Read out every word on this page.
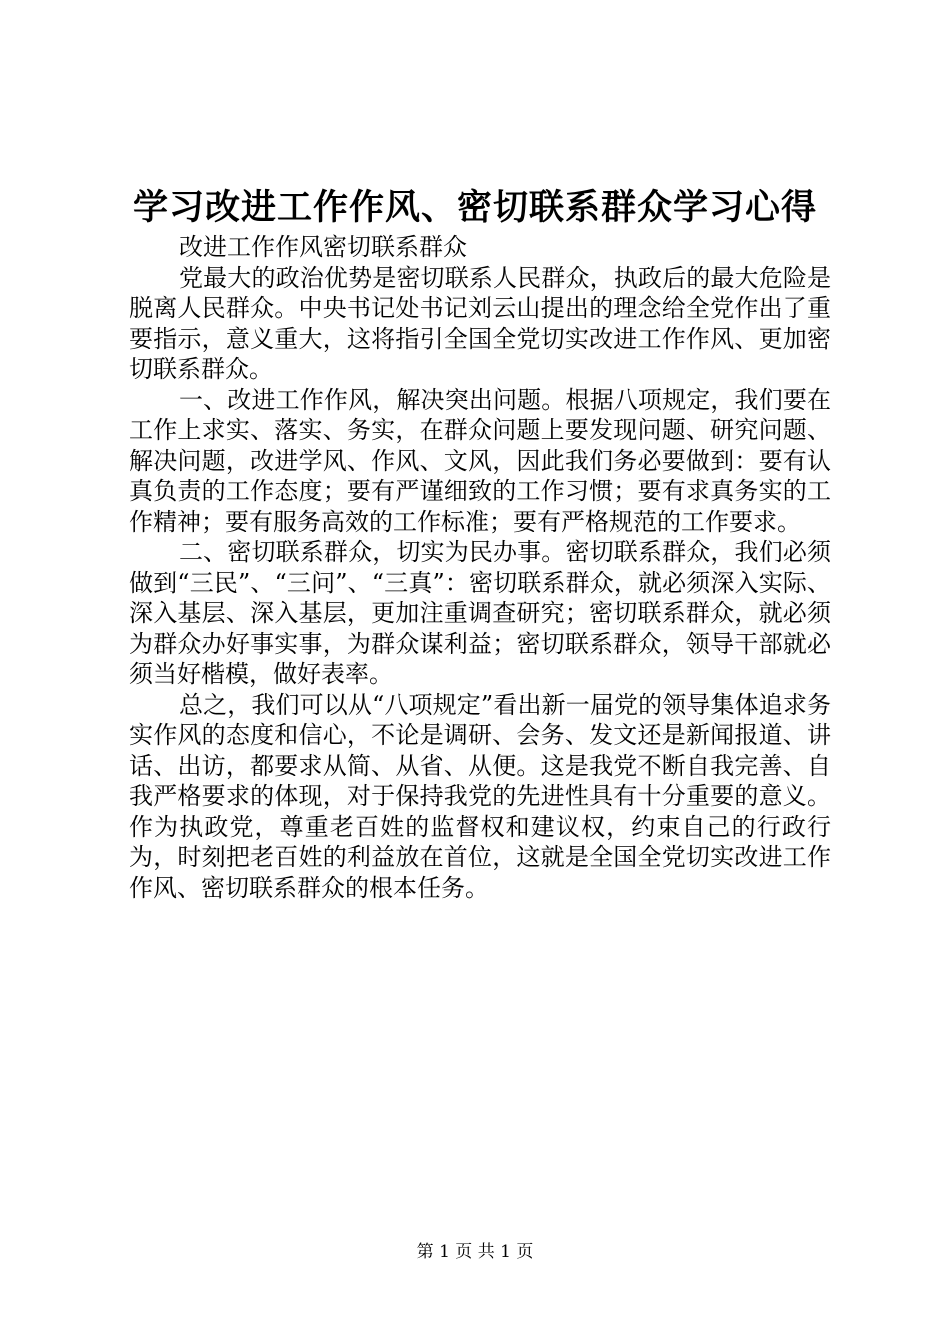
学习改进工作作风、密切联系群众学习心得

改进工作作风密切联系群众

党最大的政治优势是密切联系人民群众，执政后的最大危险是脱离人民群众。中央书记处书记刘云山提出的理念给全党作出了重要指示，意义重大，这将指引全国全党切实改进工作作风、更加密切联系群众。

一、改进工作作风，解决突出问题。根据八项规定，我们要在工作上求实、落实、务实，在群众问题上要发现问题、研究问题、解决问题，改进学风、作风、文风，因此我们务必要做到：要有认真负责的工作态度；要有严谨细致的工作习惯；要有求真务实的工作精神；要有服务高效的工作标准；要有严格规范的工作要求。

二、密切联系群众，切实为民办事。密切联系群众，我们必须做到“三民”、“三问”、“三真”：密切联系群众，就必须深入实际、深入基层、深入基层，更加注重调查研究；密切联系群众，就必须为群众办好事实事，为群众谋利益；密切联系群众，领导干部就必须当好楷模，做好表率。

总之，我们可以从“八项规定”看出新一届党的领导集体追求务实作风的态度和信心，不论是调研、会务、发文还是新闻报道、讲话、出访，都要求从简、从省、从便。这是我党不断自我完善、自我严格要求的体现，对于保持我党的先进性具有十分重要的意义。作为执政党，尊重老百姓的监督权和建议权，约束自己的行政行为，时刻把老百姓的利益放在首位，这就是全国全党切实改进工作作风、密切联系群众的根本任务。

第 1 页 共 1 页
